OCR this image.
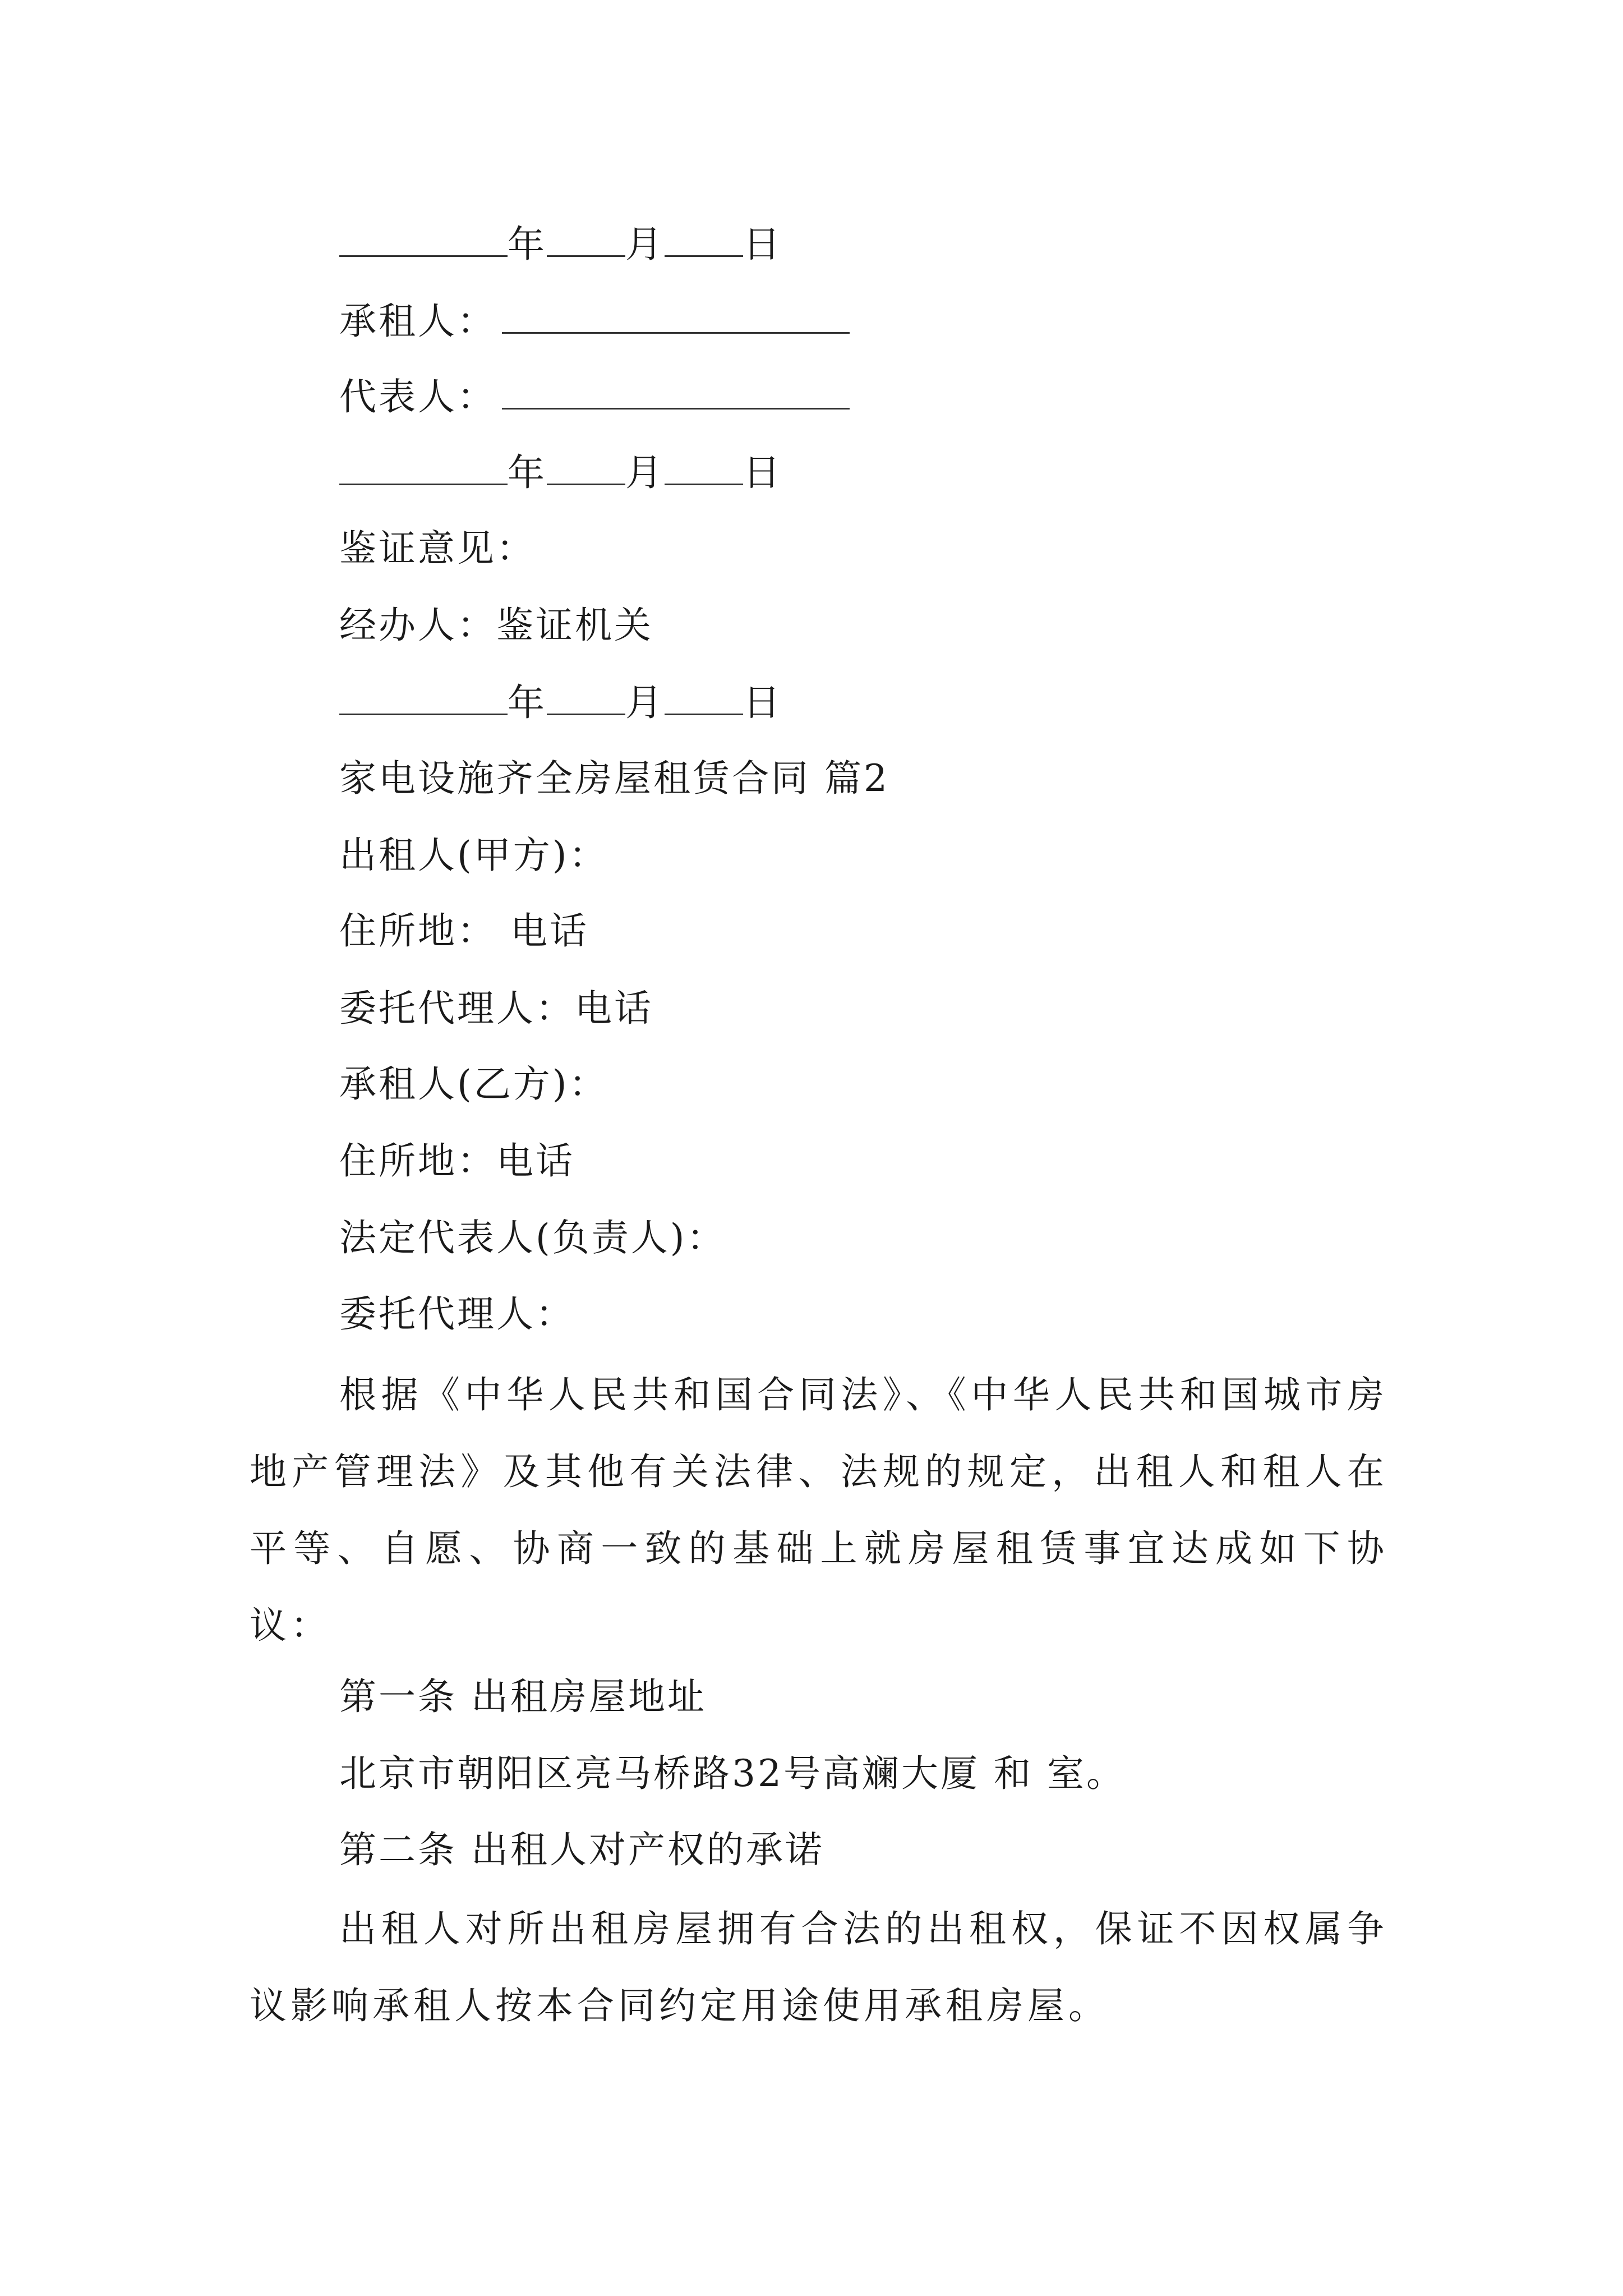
年 月 日
承租人：
代表人：
年 月 日
鉴证意见：
经办人：鉴证机关
年 月 日
家电设施齐全房屋租赁合同 篇2
出租人(甲方)：
住所地： 电话
委托代理人：电话
承租人(乙方)：
住所地：电话
法定代表人(负责人)：
委托代理人：
根据《中华人民共和国合同法》、《中华人民共和国城市房地产管理法》及其他有关法律、法规的规定，出租人和租人在平等、自愿、协商一致的基础上就房屋租赁事宜达成如下协议：
第一条 出租房屋地址
北京市朝阳区亮马桥路32号高斓大厦 和 室。
第二条 出租人对产权的承诺
出租人对所出租房屋拥有合法的出租权，保证不因权属争议影响承租人按本合同约定用途使用承租房屋。
